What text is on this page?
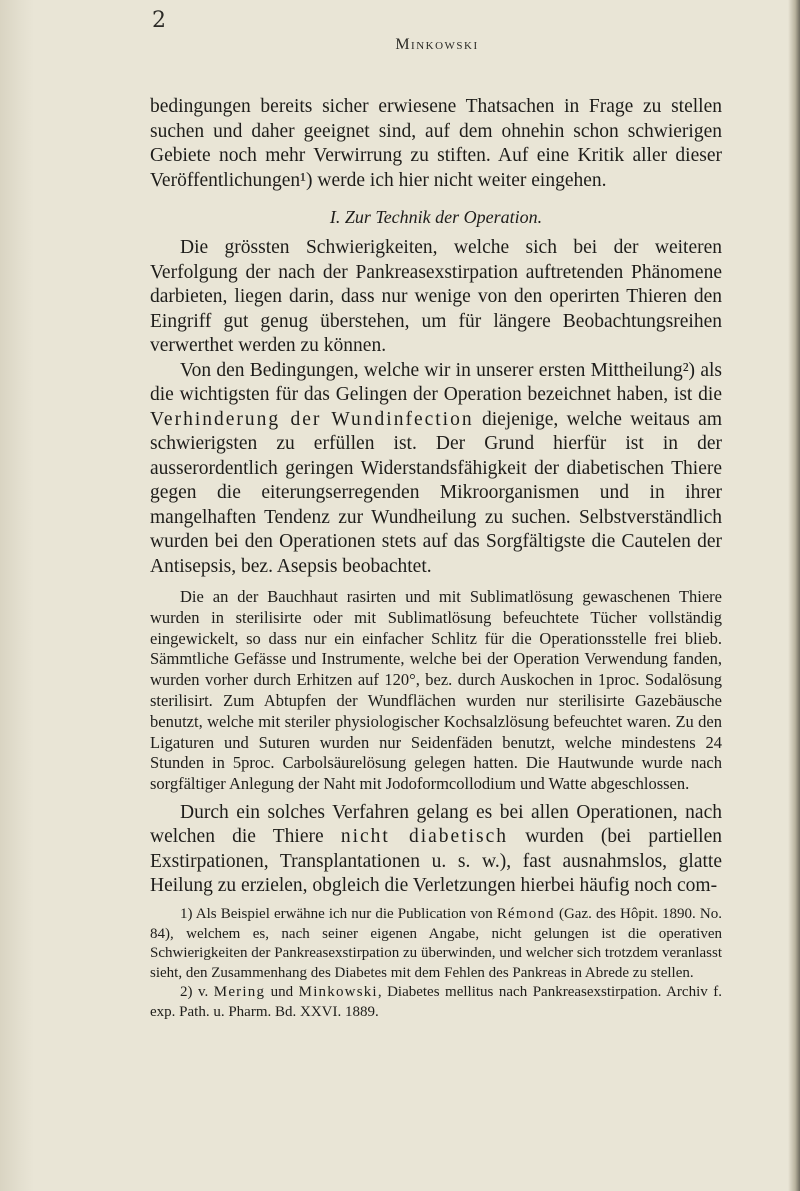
2
Minkowski

bedingungen bereits sicher erwiesene Thatsachen in Frage zu stellen suchen und daher geeignet sind, auf dem ohnehin schon schwierigen Gebiete noch mehr Verwirrung zu stiften. Auf eine Kritik aller dieser Veröffentlichungen¹) werde ich hier nicht weiter eingehen.

I. Zur Technik der Operation.

Die grössten Schwierigkeiten, welche sich bei der weiteren Verfolgung der nach der Pankreasexstirpation auftretenden Phänomene darbieten, liegen darin, dass nur wenige von den operirten Thieren den Eingriff gut genug überstehen, um für längere Beobachtungsreihen verwerthet werden zu können.

Von den Bedingungen, welche wir in unserer ersten Mittheilung²) als die wichtigsten für das Gelingen der Operation bezeichnet haben, ist die Verhinderung der Wundinfection diejenige, welche weitaus am schwierigsten zu erfüllen ist. Der Grund hierfür ist in der ausserordentlich geringen Widerstandsfähigkeit der diabetischen Thiere gegen die eiterungserregenden Mikroorganismen und in ihrer mangelhaften Tendenz zur Wundheilung zu suchen. Selbstverständlich wurden bei den Operationen stets auf das Sorgfältigste die Cautelen der Antisepsis, bez. Asepsis beobachtet.

Die an der Bauchhaut rasirten und mit Sublimatlösung gewaschenen Thiere wurden in sterilisirte oder mit Sublimatlösung befeuchtete Tücher vollständig eingewickelt, so dass nur ein einfacher Schlitz für die Operationsstelle frei blieb. Sämmtliche Gefässe und Instrumente, welche bei der Operation Verwendung fanden, wurden vorher durch Erhitzen auf 120°, bez. durch Auskochen in 1proc. Sodalösung sterilisirt. Zum Abtupfen der Wundflächen wurden nur sterilisirte Gazebäusche benutzt, welche mit steriler physiologischer Kochsalzlösung befeuchtet waren. Zu den Ligaturen und Suturen wurden nur Seidenfäden benutzt, welche mindestens 24 Stunden in 5proc. Carbolsäurelösung gelegen hatten. Die Hautwunde wurde nach sorgfältiger Anlegung der Naht mit Jodoformcollodium und Watte abgeschlossen.

Durch ein solches Verfahren gelang es bei allen Operationen, nach welchen die Thiere nicht diabetisch wurden (bei partiellen Exstirpationen, Transplantationen u. s. w.), fast ausnahmslos, glatte Heilung zu erzielen, obgleich die Verletzungen hierbei häufig noch com-

1) Als Beispiel erwähne ich nur die Publication von Rémond (Gaz. des Hôpit. 1890. No. 84), welchem es, nach seiner eigenen Angabe, nicht gelungen ist die operativen Schwierigkeiten der Pankreasexstirpation zu überwinden, und welcher sich trotzdem veranlasst sieht, den Zusammenhang des Diabetes mit dem Fehlen des Pankreas in Abrede zu stellen.

2) v. Mering und Minkowski, Diabetes mellitus nach Pankreasexstirpation. Archiv f. exp. Path. u. Pharm. Bd. XXVI. 1889.
